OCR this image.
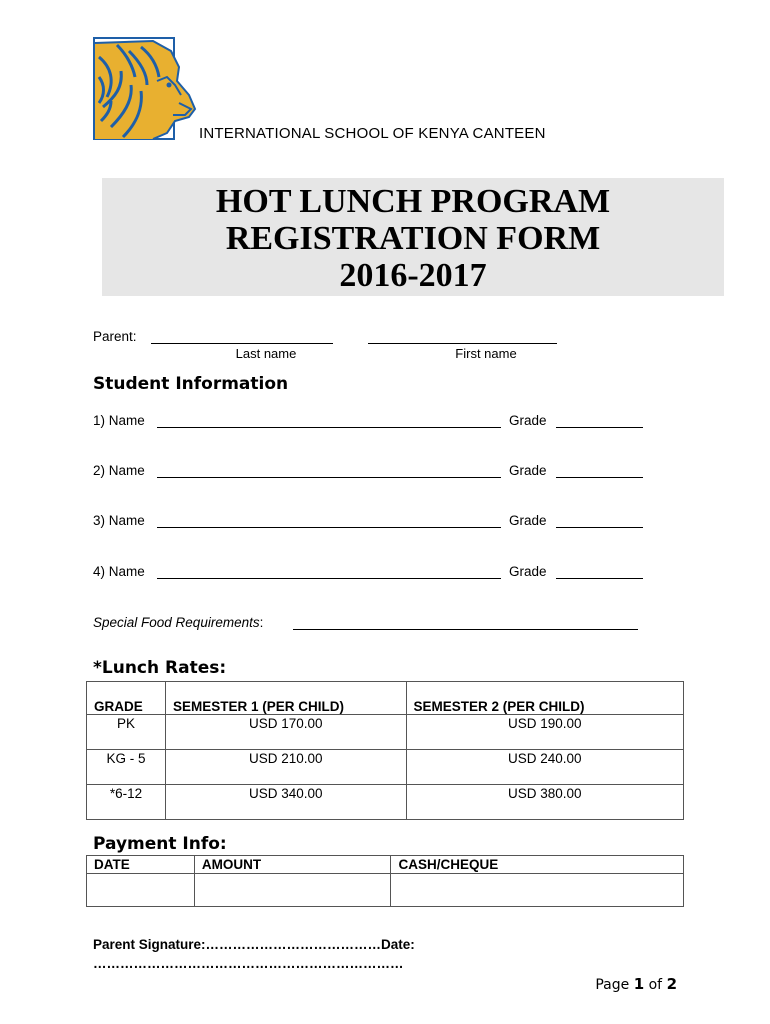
INTERNATIONAL SCHOOL OF KENYA CANTEEN
HOT LUNCH PROGRAM
REGISTRATION FORM
2016-2017
Parent:
Last name	First name
Student Information
1) Name	Grade
2) Name	Grade
3) Name	Grade
4) Name	Grade
Special Food Requirements:
*Lunch Rates:
GRADE	SEMESTER 1 (PER CHILD)	SEMESTER 2 (PER CHILD)
PK	USD 170.00	USD 190.00
KG - 5	USD 210.00	USD 240.00
*6-12	USD 340.00	USD 380.00
Payment Info:
DATE	AMOUNT	CASH/CHEQUE

Parent Signature:…………………………………Date:
……………………………………………………………
Page 1 of 2
